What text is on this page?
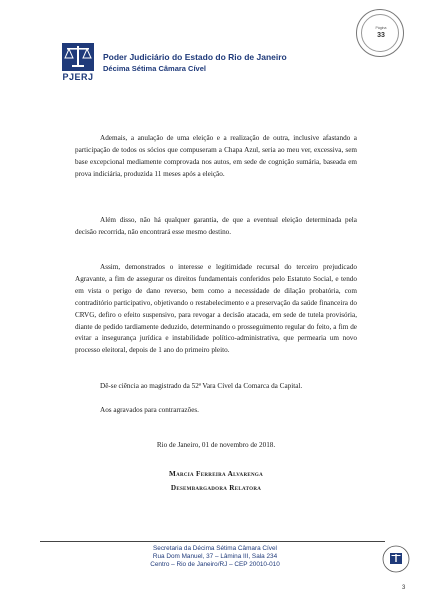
Página
33
PJERJ
Poder Judiciário do Estado do Rio de Janeiro
Décima Sétima Câmara Cível
Ademais, a anulação de uma eleição e a realização de outra, inclusive afastando a participação de todos os sócios que compuseram a Chapa Azul, seria ao meu ver, excessiva, sem base excepcional mediamente comprovada nos autos, em sede de cognição sumária, baseada em prova indiciária, produzida 11 meses após a eleição.
Além disso, não há qualquer garantia, de que a eventual eleição determinada pela decisão recorrida, não encontrará esse mesmo destino.
Assim, demonstrados o interesse e legitimidade recursal do terceiro prejudicado Agravante, a fim de assegurar os direitos fundamentais conferidos pelo Estatuto Social, e tendo em vista o perigo de dano reverso, bem como a necessidade de dilação probatória, com contraditório participativo, objetivando o restabelecimento e a preservação da saúde financeira do CRVG, defiro o efeito suspensivo, para revogar a decisão atacada, em sede de tutela provisória, diante de pedido tardiamente deduzido, determinando o prosseguimento regular do feito, a fim de evitar a insegurança jurídica e instabilidade político-administrativa, que permearia um novo processo eleitoral, depois de 1 ano do primeiro pleito.
Dê-se ciência ao magistrado da 52ª Vara Cível da Comarca da Capital.
Aos agravados para contrarrazões.
Rio de Janeiro, 01 de novembro de 2018.
Marcia Ferreira Alvarenga
Desembargadora Relatora
Secretaria da Décima Sétima Câmara Cível
Rua Dom Manuel, 37 – Lâmina III, Sala 234
Centro – Rio de Janeiro/RJ – CEP 20010-010
3
